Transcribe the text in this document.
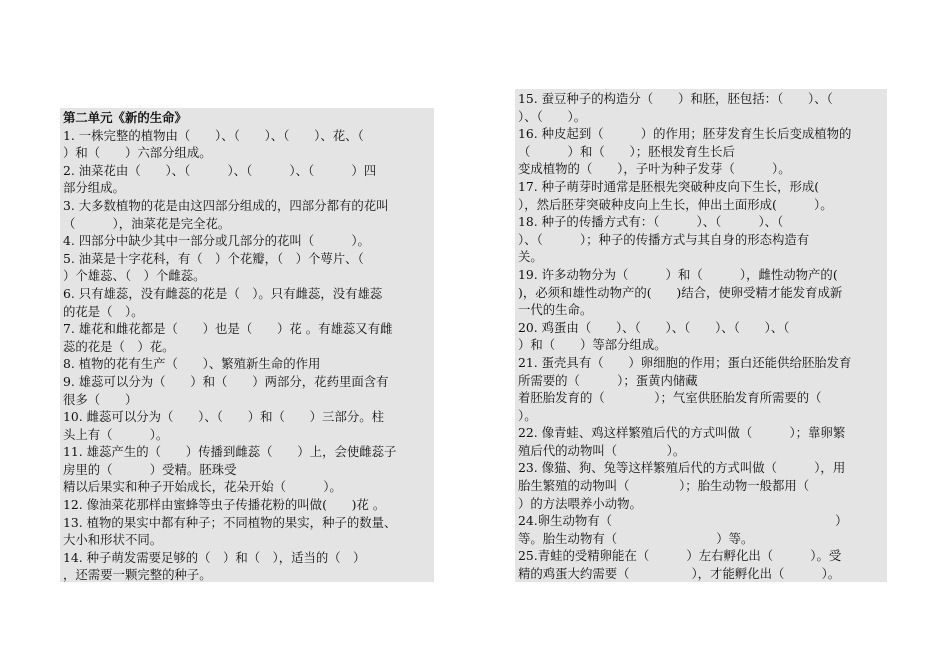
第二单元《新的生命》
1. 一株完整的植物由（　　）、（　　）、（　　）、花、（
）和（　　）六部分组成。
2. 油菜花由（　　）、（　　　）、（　　　）、（　　　）四
部分组成。
3. 大多数植物的花是由这四部分组成的，四部分都有的花叫
（　　　），油菜花是完全花。
4. 四部分中缺少其中一部分或几部分的花叫（　　　）。
5. 油菜是十字花科，有（　）个花瓣，（　）个萼片、（
）个雄蕊、（　）个雌蕊。
6. 只有雄蕊，没有雌蕊的花是（　）。只有雌蕊，没有雄蕊
的花是（　）。
7. 雄花和雌花都是（　　）也是（　　）花 。有雄蕊又有雌
蕊的花是（　）花。
8. 植物的花有生产（　　）、繁殖新生命的作用
9. 雄蕊可以分为（　　）和（　　）两部分，花药里面含有
很多（　　）
10. 雌蕊可以分为（　　）、（　　）和（　　）三部分。柱
头上有（　　　）。
11. 雄蕊产生的（　　）传播到雌蕊（　　）上，会使雌蕊子
房里的（　　　）受精。胚珠受
精以后果实和种子开始成长，花朵开始（　　　）。
12. 像油菜花那样由蜜蜂等虫子传播花粉的叫做(　　)花 。
13. 植物的果实中都有种子；不同植物的果实，种子的数量、
大小和形状不同。
14. 种子萌发需要足够的（　）和（　），适当的（　）
，还需要一颗完整的种子。
15. 蚕豆种子的构造分（　　）和胚，胚包括：（　　）、（
）、（　　）。
16. 种皮起到（　　　）的作用；胚芽发育生长后变成植物的
（　　　）和（　　）；胚根发育生长后
变成植物的（　　），子叶为种子发芽（　　　）。
17. 种子萌芽时通常是胚根先突破种皮向下生长，形成(
），然后胚芽突破种皮向上生长，伸出土面形成(　　　）。
18. 种子的传播方式有：（　　　）、（　　　）、（
）、（　　　）；种子的传播方式与其自身的形态构造有
关。
19. 许多动物分为（　　　）和（　　　），雌性动物产的(
)，必须和雄性动物产的(　　)结合，使卵受精才能发育成新
一代的生命。
20. 鸡蛋由（　　）、（　　）、（　　）、（　　）、（
）和（　　）等部分组成。
21. 蛋壳具有（　　）卵细胞的作用；蛋白还能供给胚胎发育
所需要的（　　　）；蛋黄内储藏
着胚胎发育的（　　　　）；气室供胚胎发育所需要的（
）。
22. 像青蛙、鸡这样繁殖后代的方式叫做（　　　）；靠卵繁
殖后代的动物叫（　　　　）。
23. 像猫、狗、兔等这样繁殖后代的方式叫做（　　　），用
胎生繁殖的动物叫（　　　　）；胎生动物一般都用（
）的方法喂养小动物。
24.卵生动物有（　　　　　　　　　　　　　　　　　　）
等。胎生动物有（　　　　　　　　）等。
25.青蛙的受精卵能在（　　　）左右孵化出（　　　）。受
精的鸡蛋大约需要（　　　　　），才能孵化出（　　　）。
